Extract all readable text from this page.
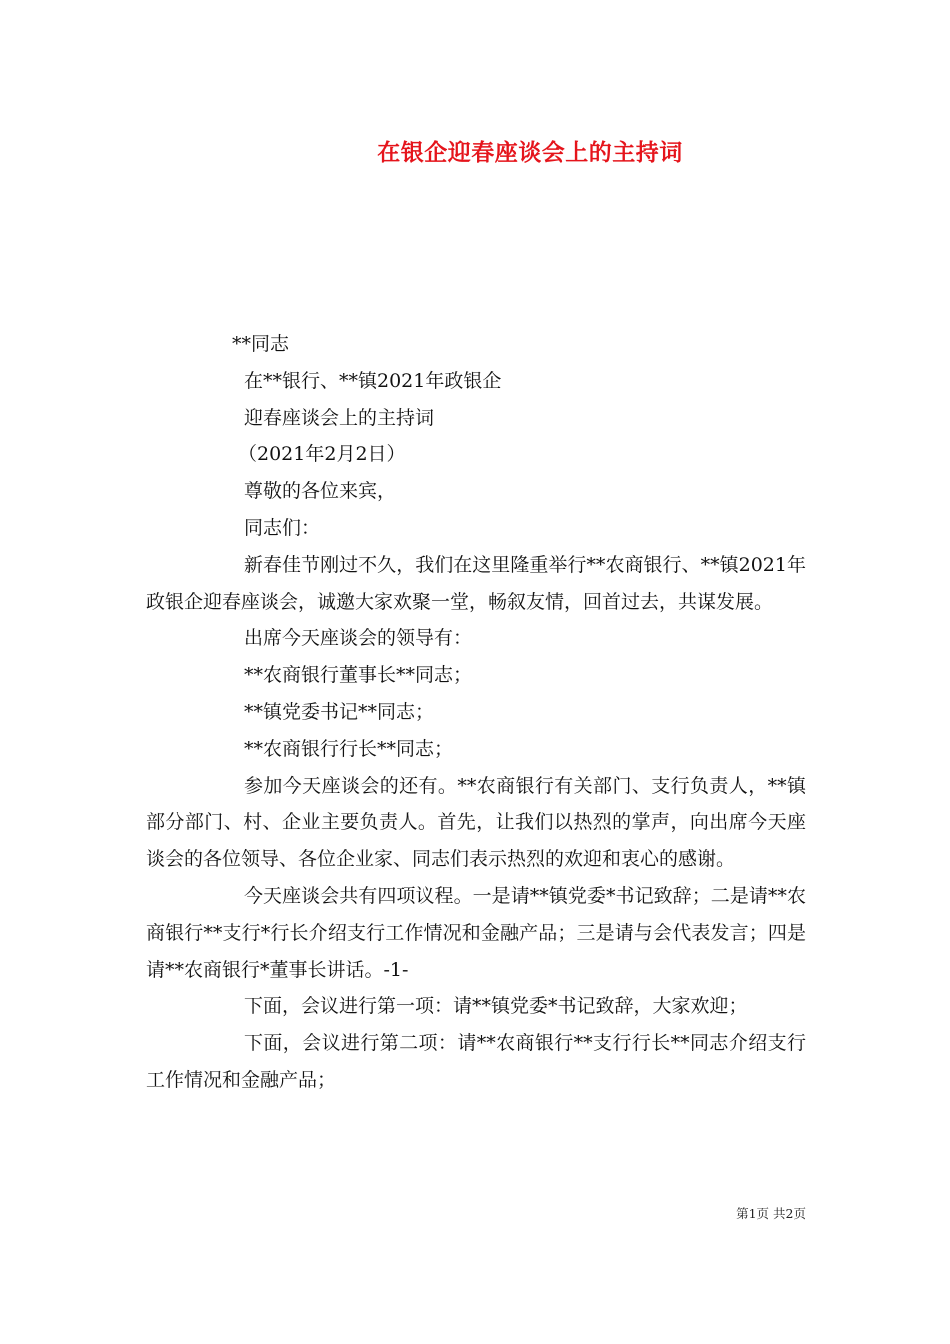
在银企迎春座谈会上的主持词
**同志
在**银行、**镇2021年政银企
迎春座谈会上的主持词
（2021年2月2日）
尊敬的各位来宾，
同志们：

新春佳节刚过不久，我们在这里隆重举行**农商银行、**镇2021年政银企迎春座谈会，诚邀大家欢聚一堂，畅叙友情，回首过去，共谋发展。

出席今天座谈会的领导有：
**农商银行董事长**同志；
**镇党委书记**同志；
**农商银行行长**同志；

参加今天座谈会的还有。**农商银行有关部门、支行负责人，**镇部分部门、村、企业主要负责人。首先，让我们以热烈的掌声，向出席今天座谈会的各位领导、各位企业家、同志们表示热烈的欢迎和衷心的感谢。

今天座谈会共有四项议程。一是请**镇党委*书记致辞；二是请**农商银行**支行*行长介绍支行工作情况和金融产品；三是请与会代表发言；四是请**农商银行*董事长讲话。-1-

下面，会议进行第一项：请**镇党委*书记致辞，大家欢迎；

下面，会议进行第二项：请**农商银行**支行行长**同志介绍支行工作情况和金融产品；

第1页 共2页
